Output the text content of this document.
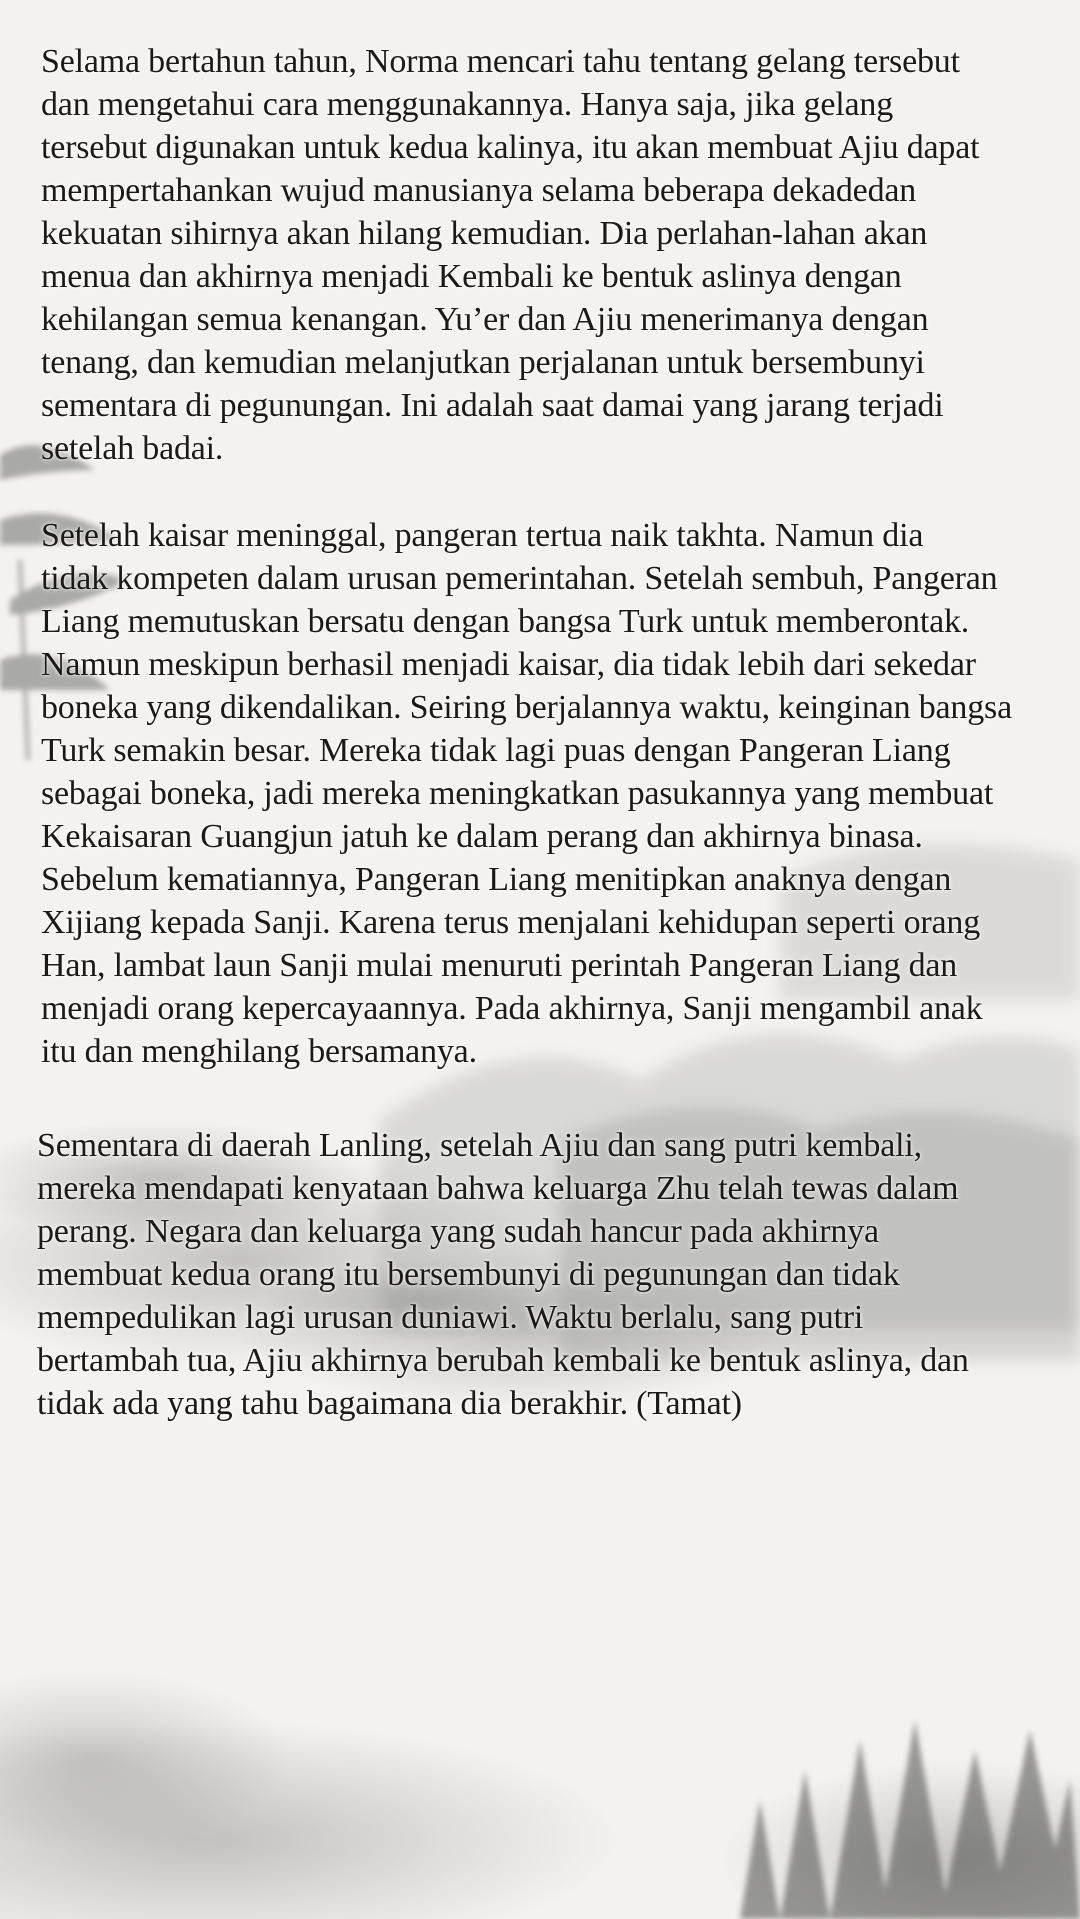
Selama bertahun tahun, Norma mencari tahu tentang gelang tersebut
dan mengetahui cara menggunakannya. Hanya saja, jika gelang
tersebut digunakan untuk kedua kalinya, itu akan membuat Ajiu dapat
mempertahankan wujud manusianya selama beberapa dekadedan
kekuatan sihirnya akan hilang kemudian. Dia perlahan-lahan akan
menua dan akhirnya menjadi Kembali ke bentuk aslinya dengan
kehilangan semua kenangan. Yu’er dan Ajiu menerimanya dengan
tenang, dan kemudian melanjutkan perjalanan untuk bersembunyi
sementara di pegunungan. Ini adalah saat damai yang jarang terjadi
setelah badai.

Setelah kaisar meninggal, pangeran tertua naik takhta. Namun dia
tidak kompeten dalam urusan pemerintahan. Setelah sembuh, Pangeran
Liang memutuskan bersatu dengan bangsa Turk untuk memberontak.
Namun meskipun berhasil menjadi kaisar, dia tidak lebih dari sekedar
boneka yang dikendalikan. Seiring berjalannya waktu, keinginan bangsa
Turk semakin besar. Mereka tidak lagi puas dengan Pangeran Liang
sebagai boneka, jadi mereka meningkatkan pasukannya yang membuat
Kekaisaran Guangjun jatuh ke dalam perang dan akhirnya binasa.
Sebelum kematiannya, Pangeran Liang menitipkan anaknya dengan
Xijiang kepada Sanji. Karena terus menjalani kehidupan seperti orang
Han, lambat laun Sanji mulai menuruti perintah Pangeran Liang dan
menjadi orang kepercayaannya. Pada akhirnya, Sanji mengambil anak
itu dan menghilang bersamanya.

Sementara di daerah Lanling, setelah Ajiu dan sang putri kembali,
mereka mendapati kenyataan bahwa keluarga Zhu telah tewas dalam
perang. Negara dan keluarga yang sudah hancur pada akhirnya
membuat kedua orang itu bersembunyi di pegunungan dan tidak
mempedulikan lagi urusan duniawi. Waktu berlalu, sang putri
bertambah tua, Ajiu akhirnya berubah kembali ke bentuk aslinya, dan
tidak ada yang tahu bagaimana dia berakhir. (Tamat)
